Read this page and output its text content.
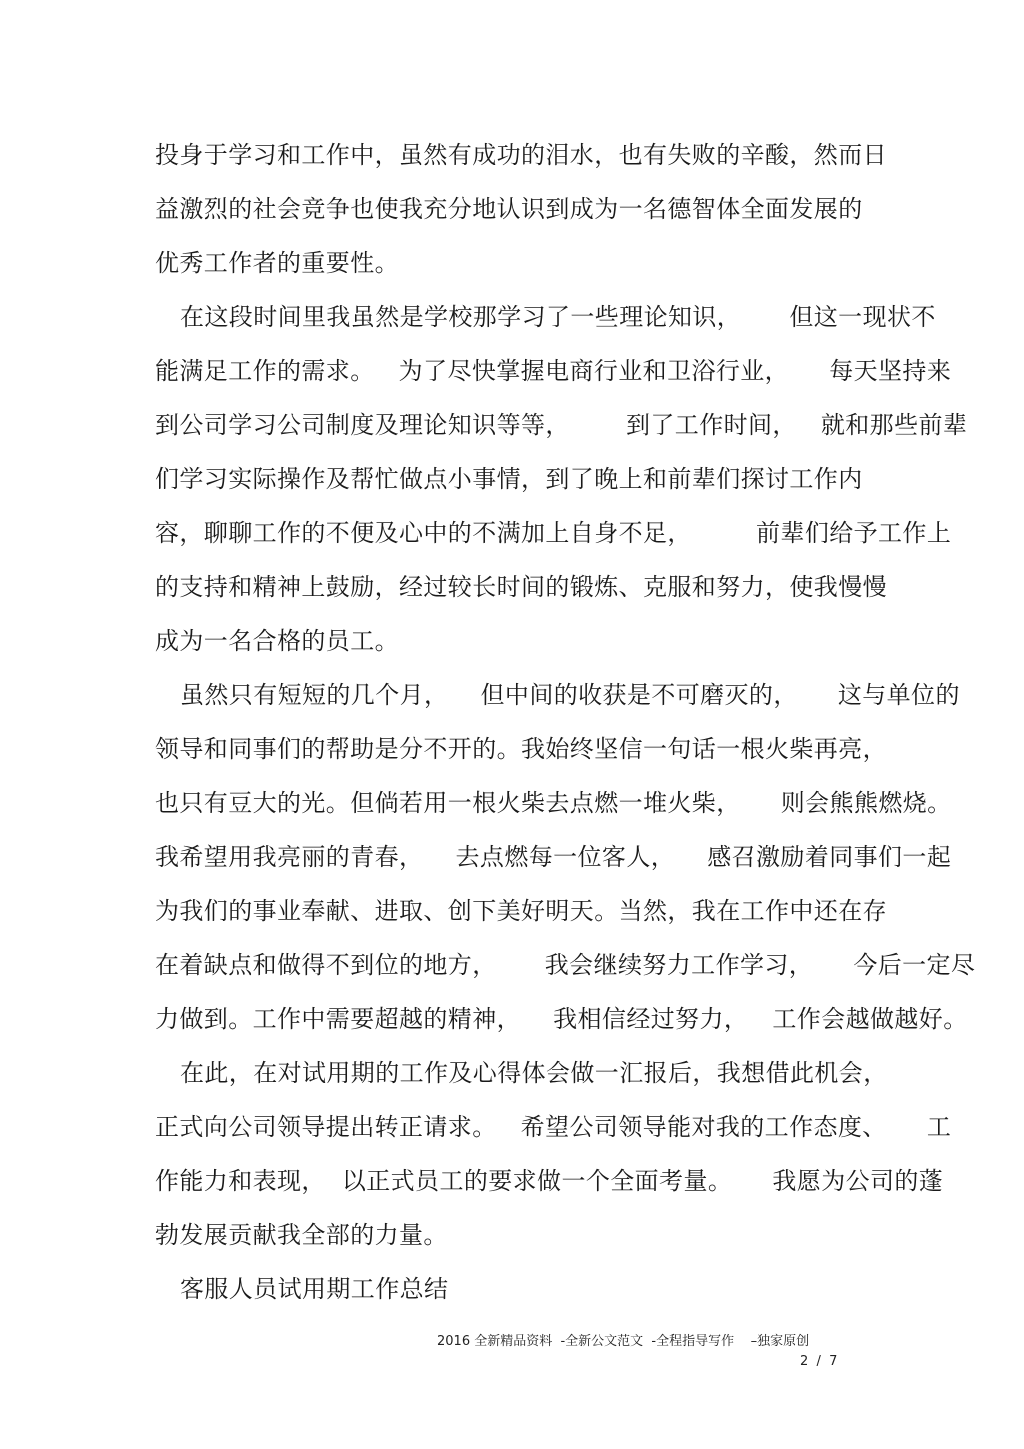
投身于学习和工作中，虽然有成功的泪水，也有失败的辛酸，然而日
益激烈的社会竞争也使我充分地认识到成为一名德智体全面发展的
优秀工作者的重要性。
在这段时间里我虽然是学校那学习了一些理论知识，      但这一现状不
能满足工作的需求。   为了尽快掌握电商行业和卫浴行业，     每天坚持来
到公司学习公司制度及理论知识等等，       到了工作时间，   就和那些前辈
们学习实际操作及帮忙做点小事情，到了晚上和前辈们探讨工作内
容，聊聊工作的不便及心中的不满加上自身不足，        前辈们给予工作上
的支持和精神上鼓励，经过较长时间的锻炼、克服和努力，使我慢慢
成为一名合格的员工。
虽然只有短短的几个月，    但中间的收获是不可磨灭的，     这与单位的
领导和同事们的帮助是分不开的。我始终坚信一句话一根火柴再亮，
也只有豆大的光。但倘若用一根火柴去点燃一堆火柴，     则会熊熊燃烧。
我希望用我亮丽的青春，    去点燃每一位客人，    感召激励着同事们一起
为我们的事业奉献、进取、创下美好明天。当然，我在工作中还在存
在着缺点和做得不到位的地方，      我会继续努力工作学习，     今后一定尽
力做到。工作中需要超越的精神，    我相信经过努力，   工作会越做越好。
在此，在对试用期的工作及心得体会做一汇报后，我想借此机会，
正式向公司领导提出转正请求。   希望公司领导能对我的工作态度、     工
作能力和表现，  以正式员工的要求做一个全面考量。     我愿为公司的蓬
勃发展贡献我全部的力量。
客服人员试用期工作总结
2016 全新精品资料  -全新公文范文  -全程指导写作    –独家原创
2  /  7
